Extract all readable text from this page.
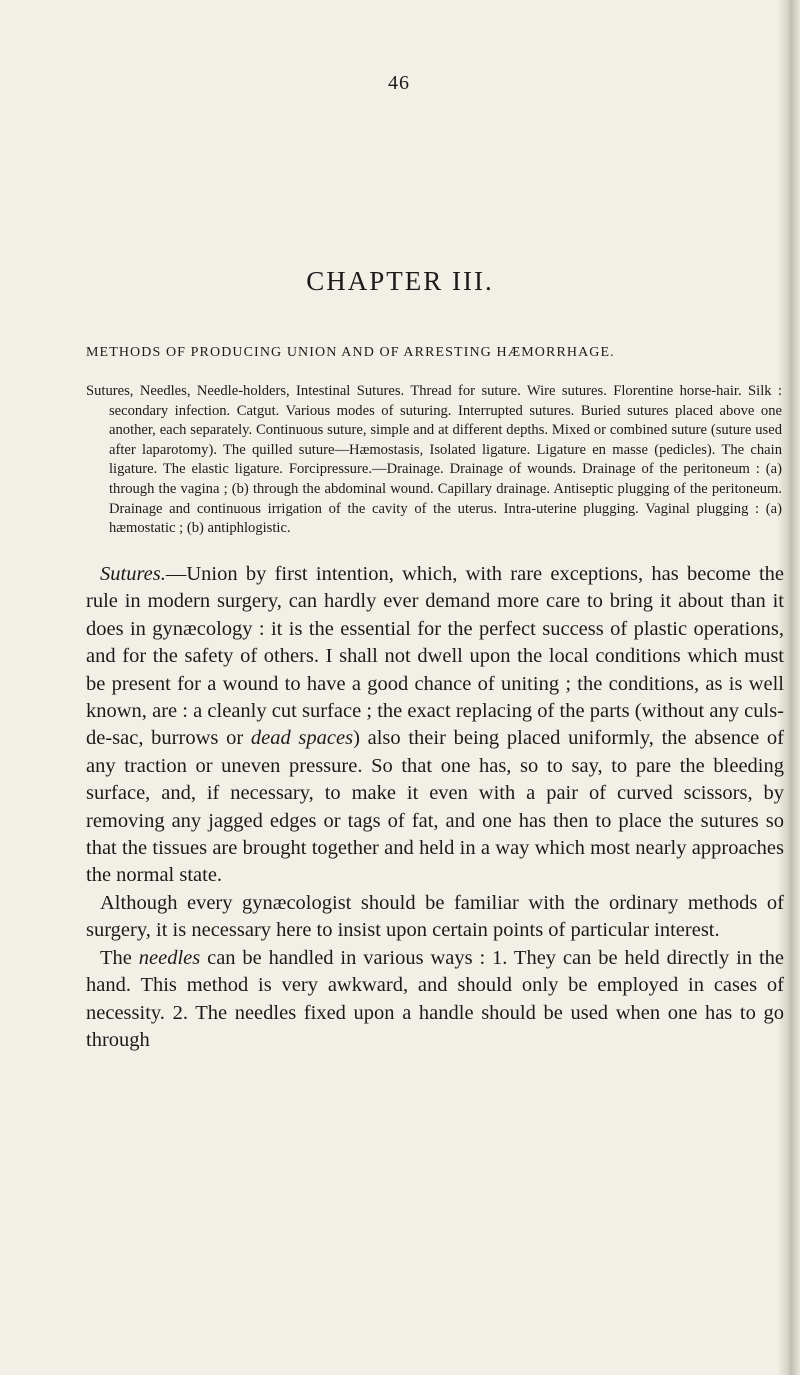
46
CHAPTER III.
METHODS OF PRODUCING UNION AND OF ARRESTING HÆMORRHAGE.

Sutures, Needles, Needle-holders, Intestinal Sutures. Thread for suture. Wire sutures. Florentine horse-hair. Silk : secondary infection. Catgut. Various modes of suturing. Interrupted sutures. Buried sutures placed above one another, each separately. Continuous suture, simple and at different depths. Mixed or combined suture (suture used after laparotomy). The quilled suture—Hæmostasis, Isolated ligature. Ligature en masse (pedicles). The chain ligature. The elastic ligature. Forcipressure.—Drainage. Drainage of wounds. Drainage of the peritoneum : (a) through the vagina ; (b) through the abdominal wound. Capillary drainage. Antiseptic plugging of the peritoneum. Drainage and continuous irrigation of the cavity of the uterus. Intra-uterine plugging. Vaginal plugging : (a) hæmostatic ; (b) antiphlogistic.

Sutures.—Union by first intention, which, with rare exceptions, has become the rule in modern surgery, can hardly ever demand more care to bring it about than it does in gynæcology : it is the essential for the perfect success of plastic operations, and for the safety of others. I shall not dwell upon the local conditions which must be present for a wound to have a good chance of uniting ; the conditions, as is well known, are : a cleanly cut surface ; the exact replacing of the parts (without any culs-de-sac, burrows or dead spaces) also their being placed uniformly, the absence of any traction or uneven pressure. So that one has, so to say, to pare the bleeding surface, and, if necessary, to make it even with a pair of curved scissors, by removing any jagged edges or tags of fat, and one has then to place the sutures so that the tissues are brought together and held in a way which most nearly approaches the normal state.

Although every gynæcologist should be familiar with the ordinary methods of surgery, it is necessary here to insist upon certain points of particular interest.

The needles can be handled in various ways : 1. They can be held directly in the hand. This method is very awkward, and should only be employed in cases of necessity. 2. The needles fixed upon a handle should be used when one has to go through
